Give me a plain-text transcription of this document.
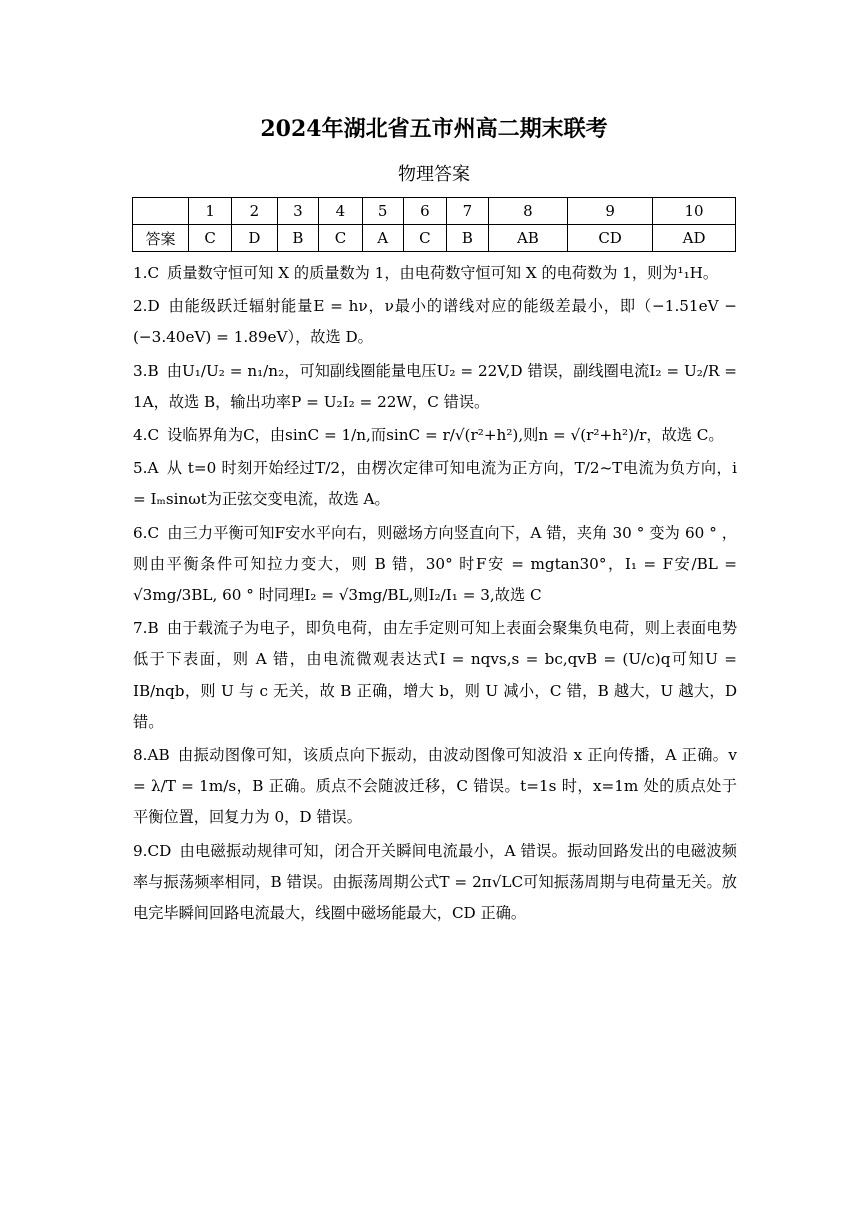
2024年湖北省五市州高二期末联考
物理答案
	1	2	3	4	5	6	7	8	9	10
答案	C	D	B	C	A	C	B	AB	CD	AD

1.C 质量数守恒可知 X 的质量数为 1，由电荷数守恒可知 X 的电荷数为 1，则为¹₁H。

2.D 由能级跃迁辐射能量E = hν，ν最小的谱线对应的能级差最小，即（−1.51eV − (−3.40eV) = 1.89eV），故选 D。

3.B 由U₁/U₂ = n₁/n₂，可知副线圈能量电压U₂ = 22V,D 错误，副线圈电流I₂ = U₂/R = 1A，故选 B，输出功率P = U₂I₂ = 22W，C 错误。

4.C 设临界角为C，由sinC = 1/n,而sinC = r/√(r²+h²),则n = √(r²+h²)/r，故选 C。

5.A 从 t=0 时刻开始经过T/2，由楞次定律可知电流为正方向，T/2~T电流为负方向，i = Iₘsinωt为正弦交变电流，故选 A。

6.C 由三力平衡可知F安水平向右，则磁场方向竖直向下，A 错，夹角 30 ° 变为 60 ° ，则由平衡条件可知拉力变大，则 B 错，30° 时F安 = mgtan30°，I₁ = F安/BL = √3mg/3BL, 60 ° 时同理I₂ = √3mg/BL,则I₂/I₁ = 3,故选 C

7.B 由于载流子为电子，即负电荷，由左手定则可知上表面会聚集负电荷，则上表面电势低于下表面，则 A 错，由电流微观表达式I = nqvs,s = bc,qvB = (U/c)q可知U = IB/nqb，则 U 与 c 无关，故 B 正确，增大 b，则 U 减小，C 错，B 越大，U 越大，D 错。

8.AB 由振动图像可知，该质点向下振动，由波动图像可知波沿 x 正向传播，A 正确。v = λ/T = 1m/s，B 正确。质点不会随波迁移，C 错误。t=1s 时，x=1m 处的质点处于平衡位置，回复力为 0，D 错误。

9.CD 由电磁振动规律可知，闭合开关瞬间电流最小，A 错误。振动回路发出的电磁波频率与振荡频率相同，B 错误。由振荡周期公式T = 2π√LC可知振荡周期与电荷量无关。放电完毕瞬间回路电流最大，线圈中磁场能最大，CD 正确。
